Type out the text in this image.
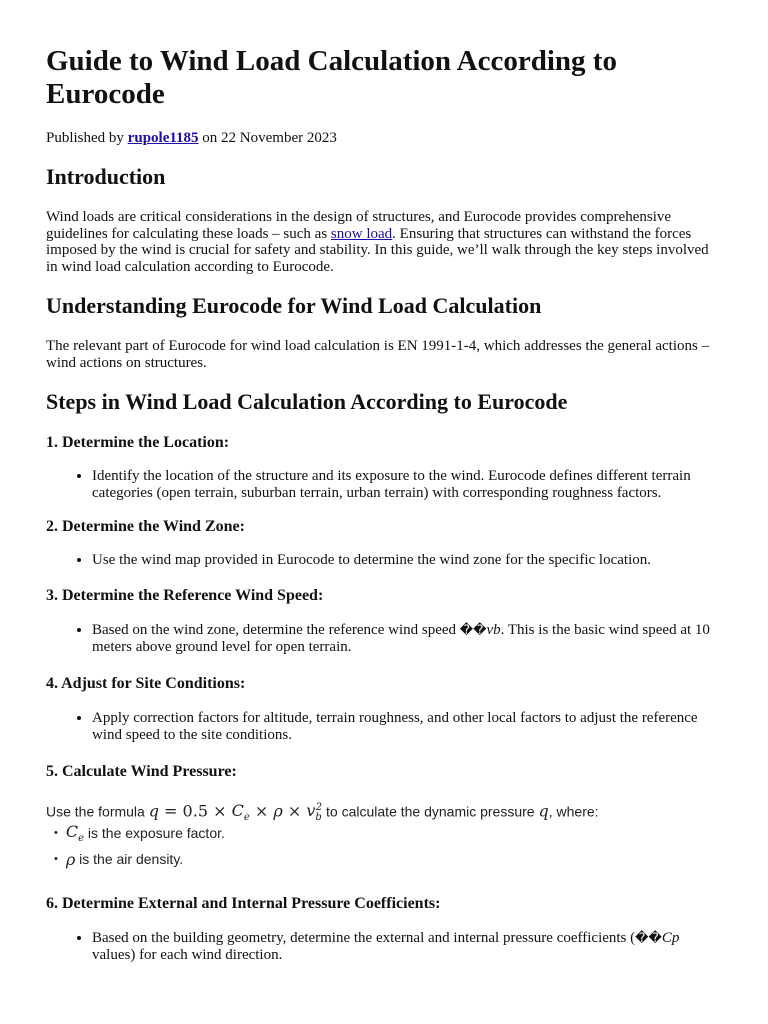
Guide to Wind Load Calculation According to Eurocode
Published by rupole1185 on 22 November 2023
Introduction

Wind loads are critical considerations in the design of structures, and Eurocode provides comprehensive guidelines for calculating these loads – such as snow load. Ensuring that structures can withstand the forces imposed by the wind is crucial for safety and stability. In this guide, we’ll walk through the key steps involved in wind load calculation according to Eurocode.

Understanding Eurocode for Wind Load Calculation

The relevant part of Eurocode for wind load calculation is EN 1991-1-4, which addresses the general actions – wind actions on structures.

Steps in Wind Load Calculation According to Eurocode
1. Determine the Location:
• Identify the location of the structure and its exposure to the wind. Eurocode defines different terrain categories (open terrain, suburban terrain, urban terrain) with corresponding roughness factors.
2. Determine the Wind Zone:
• Use the wind map provided in Eurocode to determine the wind zone for the specific location.
3. Determine the Reference Wind Speed:
• Based on the wind zone, determine the reference wind speed ��vb. This is the basic wind speed at 10 meters above ground level for open terrain.
4. Adjust for Site Conditions:
• Apply correction factors for altitude, terrain roughness, and other local factors to adjust the reference wind speed to the site conditions.
5. Calculate Wind Pressure:
Use the formula $q = 0.5 \times C_e \times \rho \times v_b^2$ to calculate the dynamic pressure q, where:
• $C_e$
is the exposure factor.
• ρ
is the air density.
6. Determine External and Internal Pressure Coefficients:
• Based on the building geometry, determine the external and internal pressure coefficients (��Cp values) for each wind direction.
